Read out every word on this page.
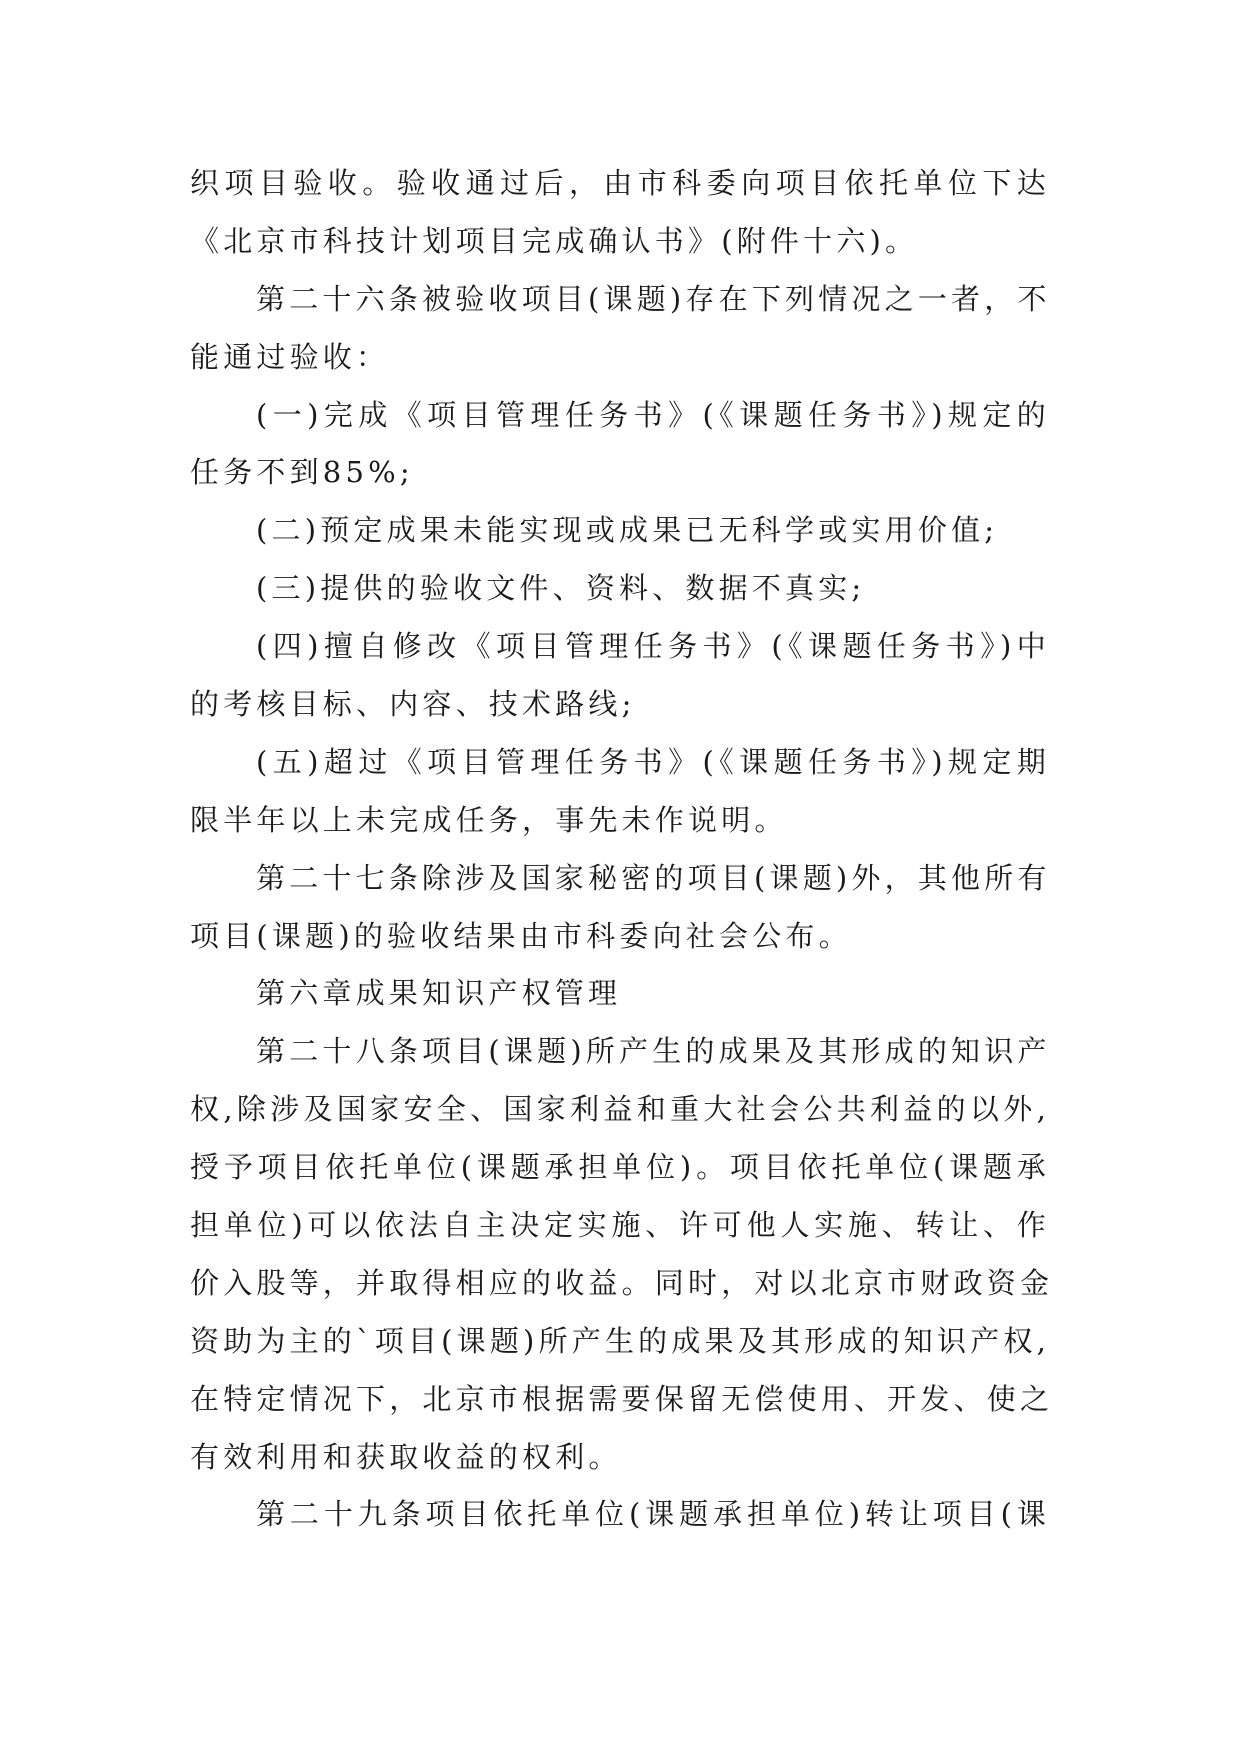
织项目验收。验收通过后，由市科委向项目依托单位下达
《北京市科技计划项目完成确认书》(附件十六)。
第二十六条被验收项目(课题)存在下列情况之一者，不
能通过验收：
(一)完成《项目管理任务书》(《课题任务书》)规定的
任务不到85%;
(二)预定成果未能实现或成果已无科学或实用价值;
(三)提供的验收文件、资料、数据不真实;
(四)擅自修改《项目管理任务书》(《课题任务书》)中
的考核目标、内容、技术路线;
(五)超过《项目管理任务书》(《课题任务书》)规定期
限半年以上未完成任务，事先未作说明。
第二十七条除涉及国家秘密的项目(课题)外，其他所有
项目(课题)的验收结果由市科委向社会公布。
第六章成果知识产权管理
第二十八条项目(课题)所产生的成果及其形成的知识产
权,除涉及国家安全、国家利益和重大社会公共利益的以外,
授予项目依托单位(课题承担单位)。项目依托单位(课题承
担单位)可以依法自主决定实施、许可他人实施、转让、作
价入股等，并取得相应的收益。同时，对以北京市财政资金
资助为主的`项目(课题)所产生的成果及其形成的知识产权,
在特定情况下，北京市根据需要保留无偿使用、开发、使之
有效利用和获取收益的权利。
第二十九条项目依托单位(课题承担单位)转让项目(课
